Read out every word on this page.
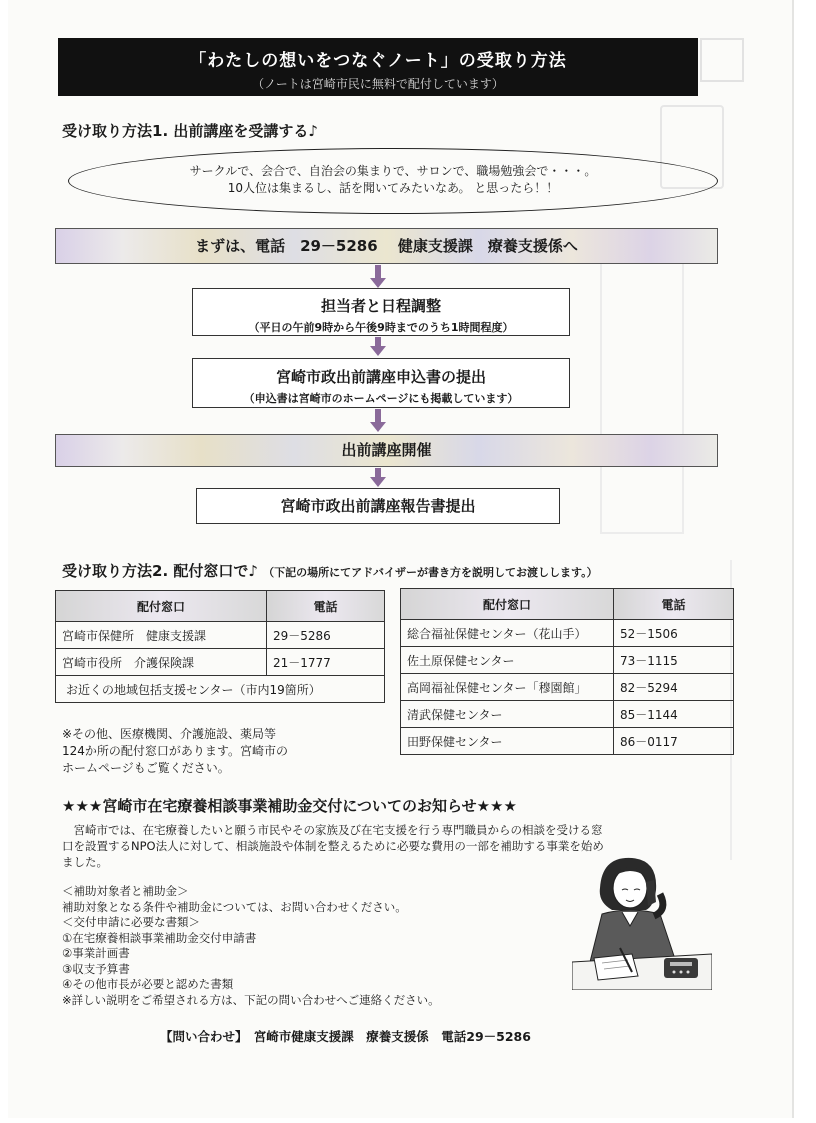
「わたしの想いをつなぐノート」の受取り方法
（ノートは宮崎市民に無料で配付しています）
受け取り方法1. 出前講座を受講する♪
サークルで、会合で、自治会の集まりで、サロンで、職場勉強会で・・・。
10人位は集まるし、話を聞いてみたいなあ。 と思ったら！！
まずは、電話　29－5286　 健康支援課　療養支援係へ
担当者と日程調整
（平日の午前9時から午後9時までのうち1時間程度）
宮崎市政出前講座申込書の提出
（申込書は宮崎市のホームページにも掲載しています）
出前講座開催
宮崎市政出前講座報告書提出
受け取り方法2. 配付窓口で♪ （下記の場所にてアドバイザーが書き方を説明してお渡しします。）
配付窓口	電話
宮崎市保健所　健康支援課	29－5286
宮崎市役所　介護保険課	21－1777
お近くの地域包括支援センター（市内19箇所）	
配付窓口	電話
総合福祉保健センター（花山手）	52－1506
佐土原保健センター	73－1115
高岡福祉保健センター「穆園館」	82－5294
清武保健センター	85－1144
田野保健センター	86－0117
※その他、医療機関、介護施設、薬局等
124か所の配付窓口があります。宮崎市の
ホームページもご覧ください。
★★★宮崎市在宅療養相談事業補助金交付についてのお知らせ★★★

　宮崎市では、在宅療養したいと願う市民やその家族及び在宅支援を行う専門職員からの相談を受ける窓

口を設置するNPO法人に対して、相談施設や体制を整えるために必要な費用の一部を補助する事業を始め

ました。

＜補助対象者と補助金＞
補助対象となる条件や補助金については、お問い合わせください。
＜交付申請に必要な書類＞
①在宅療養相談事業補助金交付申請書
②事業計画書
③収支予算書
④その他市長が必要と認めた書類
※詳しい説明をご希望される方は、下記の問い合わせへご連絡ください。
【問い合わせ】　宮崎市健康支援課　療養支援係　電話29－5286
